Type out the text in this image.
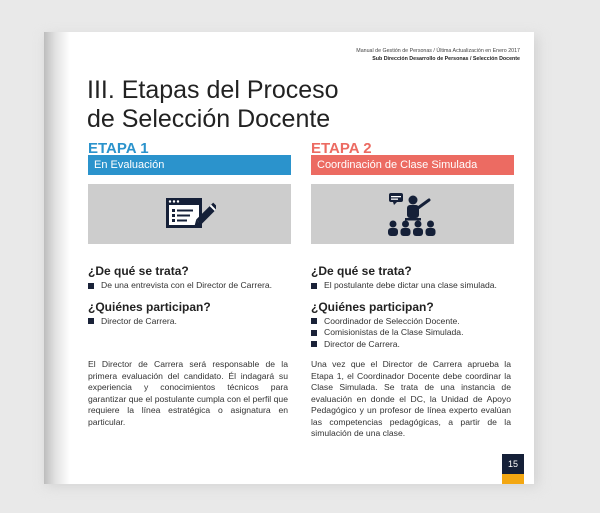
Manual de Gestión de Personas / Última Actualización en Enero 2017
Sub Dirección Desarrollo de Personas / Selección Docente
III. Etapas del Proceso
de Selección Docente
ETAPA 1
En Evaluación
¿De qué se trata?
De una entrevista con el Director de Carrera.
¿Quiénes participan?
Director de Carrera.
ETAPA 2
Coordinación de Clase Simulada
¿De qué se trata?
El postulante debe dictar una clase simulada.
¿Quiénes participan?
Coordinador de Selección Docente.
Comisionistas de la Clase Simulada.
Director de Carrera.

El Director de Carrera será responsable de la primera evaluación del candidato. Él indagará su experiencia y conocimientos técnicos para garantizar que el postulante cumpla con el perfil que requiere la línea estratégica o asignatura en particular.

Una vez que el Director de Carrera aprueba la Etapa 1, el Coordinador Docente debe coordinar la Clase Simulada. Se trata de una instancia de evaluación en donde el DC, la Unidad de Apoyo Pedagógico y un profesor de línea experto evalúan las competencias pedagógicas, a partir de la simulación de una clase.

15
